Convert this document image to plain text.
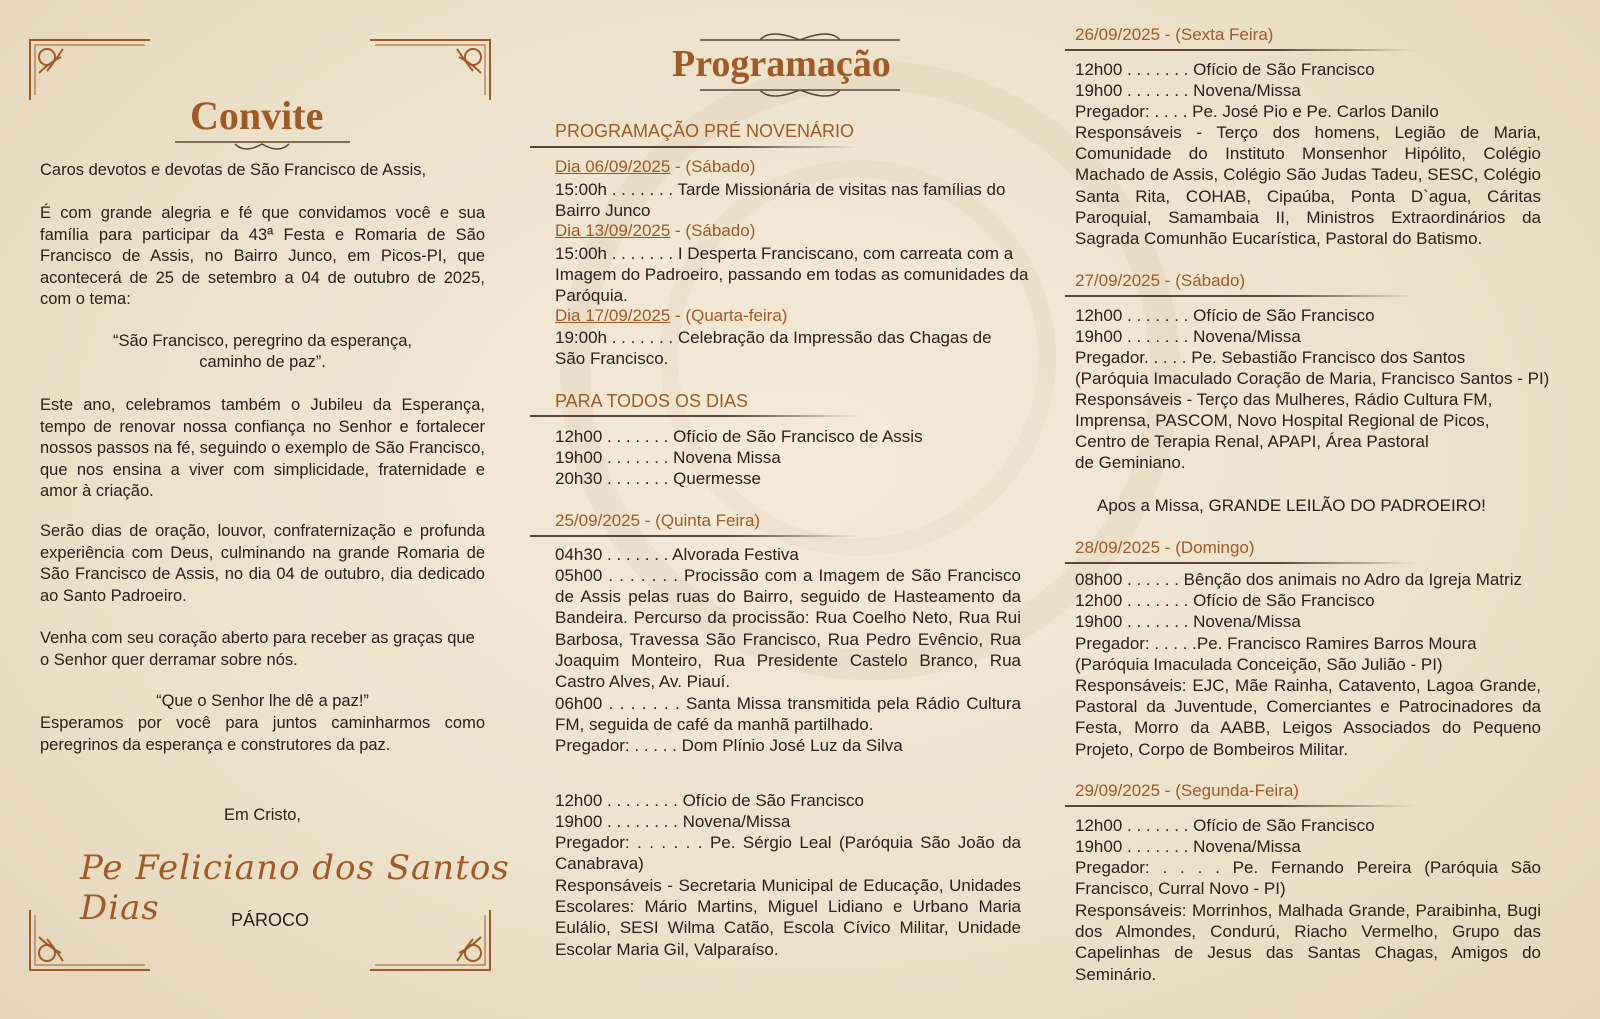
Convite

Caros devotos e devotas de São Francisco de Assis,

É com grande alegria e fé que convidamos você e sua família para participar da 43ª Festa e Romaria de São Francisco de Assis, no Bairro Junco, em Picos-PI, que acontecerá de 25 de setembro a 04 de outubro de 2025, com o tema:

“São Francisco, peregrino da esperança,

caminho de paz”.

Este ano, celebramos também o Jubileu da Esperança, tempo de renovar nossa confiança no Senhor e fortalecer nossos passos na fé, seguindo o exemplo de São Francisco, que nos ensina a viver com simplicidade, fraternidade e amor à criação.

Serão dias de oração, louvor, confraternização e profunda experiência com Deus, culminando na grande Romaria de São Francisco de Assis, no dia 04 de outubro, dia dedicado ao Santo Padroeiro.

Venha com seu coração aberto para receber as graças que o Senhor quer derramar sobre nós.

“Que o Senhor lhe dê a paz!”

Esperamos por você para juntos caminharmos como peregrinos da esperança e construtores da paz.

Em Cristo,

Pe Feliciano dos Santos Dias	PÁROCO

Programação
PROGRAMAÇÃO PRÉ NOVENÁRIO
Dia 06/09/2025 - (Sábado)
15:00h . . . . . . . Tarde Missionária de visitas nas famílias do
Bairro Junco
Dia 13/09/2025 - (Sábado)
15:00h . . . . . . . I Desperta Franciscano, com carreata com a
Imagem do Padroeiro, passando em todas as comunidades da
Paróquia.
Dia 17/09/2025 - (Quarta-feira)
19:00h . . . . . . . Celebração da Impressão das Chagas de
São Francisco.
PARA TODOS OS DIAS
12h00 . . . . . . . Ofício de São Francisco de Assis
19h00 . . . . . . . Novena Missa
20h30 . . . . . . . Quermesse
25/09/2025 - (Quinta Feira)
04h30 . . . . . . . Alvorada Festiva
05h00 . . . . . . . Procissão com a Imagem de São Francisco de Assis pelas ruas do Bairro, seguido de Hasteamento da Bandeira. Percurso da procissão: Rua Coelho Neto, Rua Rui Barbosa, Travessa São Francisco, Rua Pedro Evêncio, Rua Joaquim Monteiro, Rua Presidente Castelo Branco, Rua Castro Alves, Av. Piauí.
06h00 . . . . . . . Santa Missa transmitida pela Rádio Cultura FM, seguida de café da manhã partilhado.
Pregador: . . . . . Dom Plínio José Luz da Silva
12h00 . . . . . . . . Ofício de São Francisco
19h00 . . . . . . . . Novena/Missa
Pregador: . . . . . . Pe. Sérgio Leal (Paróquia São João da Canabrava)
Responsáveis - Secretaria Municipal de Educação, Unidades Escolares: Mário Martins, Miguel Lidiano e Urbano Maria Eulálio, SESI Wilma Catão, Escola Cívico Militar, Unidade Escolar Maria Gil, Valparaíso.
26/09/2025 - (Sexta Feira)
12h00 . . . . . . . Ofício de São Francisco
19h00 . . . . . . . Novena/Missa
Pregador: . . . . Pe. José Pio e Pe. Carlos Danilo
Responsáveis - Terço dos homens, Legião de Maria, Comunidade do Instituto Monsenhor Hipólito, Colégio Machado de Assis, Colégio São Judas Tadeu, SESC, Colégio Santa Rita, COHAB, Cipaúba, Ponta D`agua, Cáritas Paroquial, Samambaia II, Ministros Extraordinários da Sagrada Comunhão Eucarística, Pastoral do Batismo.
27/09/2025 - (Sábado)
12h00 . . . . . . . Ofício de São Francisco
19h00 . . . . . . . Novena/Missa
Pregador. . . . . Pe. Sebastião Francisco dos Santos
(Paróquia Imaculado Coração de Maria, Francisco Santos - PI)
Responsáveis - Terço das Mulheres, Rádio Cultura FM,
Imprensa, PASCOM, Novo Hospital Regional de Picos,
Centro de Terapia Renal, APAPI, Área Pastoral
de Geminiano.
Apos a Missa, GRANDE LEILÃO DO PADROEIRO!
28/09/2025 - (Domingo)
08h00 . . . . . . Bênção dos animais no Adro da Igreja Matriz
12h00 . . . . . . . Ofício de São Francisco
19h00 . . . . . . . Novena/Missa
Pregador: . . . . .Pe. Francisco Ramires Barros Moura
(Paróquia Imaculada Conceição, São Julião - PI)
Responsáveis: EJC, Mãe Rainha, Catavento, Lagoa Grande, Pastoral da Juventude, Comerciantes e Patrocinadores da Festa, Morro da AABB, Leigos Associados do Pequeno Projeto, Corpo de Bombeiros Militar.
29/09/2025 - (Segunda-Feira)
12h00 . . . . . . . Ofício de São Francisco
19h00 . . . . . . . Novena/Missa
Pregador: . . . . Pe. Fernando Pereira (Paróquia São Francisco, Curral Novo - PI)
Responsáveis: Morrinhos, Malhada Grande, Paraibinha, Bugi dos Almondes, Condurú, Riacho Vermelho, Grupo das Capelinhas de Jesus das Santas Chagas, Amigos do Seminário.
